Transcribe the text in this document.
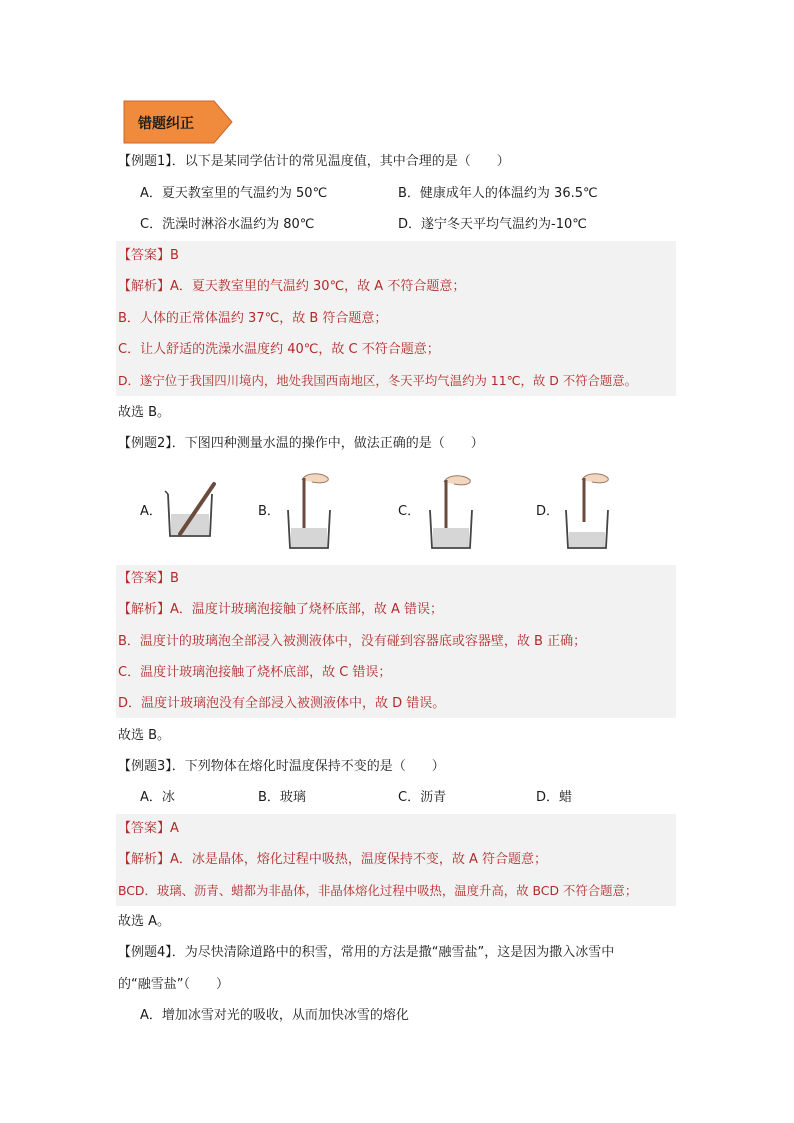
错题纠正
【例题1】．以下是某同学估计的常见温度值，其中合理的是（　　）
A．夏天教室里的气温约为 50℃	B．健康成年人的体温约为 36.5℃
C．洗澡时淋浴水温约为 80℃	D．遂宁冬天平均气温约为-10℃
【答案】B
【解析】A．夏天教室里的气温约 30℃，故 A 不符合题意；
B．人体的正常体温约 37℃，故 B 符合题意；
C．让人舒适的洗澡水温度约 40℃，故 C 不符合题意；
D．遂宁位于我国四川境内，地处我国西南地区，冬天平均气温约为 11℃，故 D 不符合题意。
故选 B。
【例题2】．下图四种测量水温的操作中，做法正确的是（　　）
A．	B．	C．	D．
【答案】B
【解析】A．温度计玻璃泡接触了烧杯底部，故 A 错误；
B．温度计的玻璃泡全部浸入被测液体中，没有碰到容器底或容器壁，故 B 正确；
C．温度计玻璃泡接触了烧杯底部，故 C 错误；
D．温度计玻璃泡没有全部浸入被测液体中，故 D 错误。
故选 B。
【例题3】．下列物体在熔化时温度保持不变的是（　　）
A．冰	B．玻璃	C．沥青	D．蜡
【答案】A
【解析】A．冰是晶体，熔化过程中吸热，温度保持不变，故 A 符合题意；
BCD．玻璃、沥青、蜡都为非晶体，非晶体熔化过程中吸热，温度升高，故 BCD 不符合题意；
故选 A。
【例题4】．为尽快清除道路中的积雪，常用的方法是撒“融雪盐”，这是因为撒入冰雪中
的“融雪盐”（　　）
A．增加冰雪对光的吸收，从而加快冰雪的熔化
